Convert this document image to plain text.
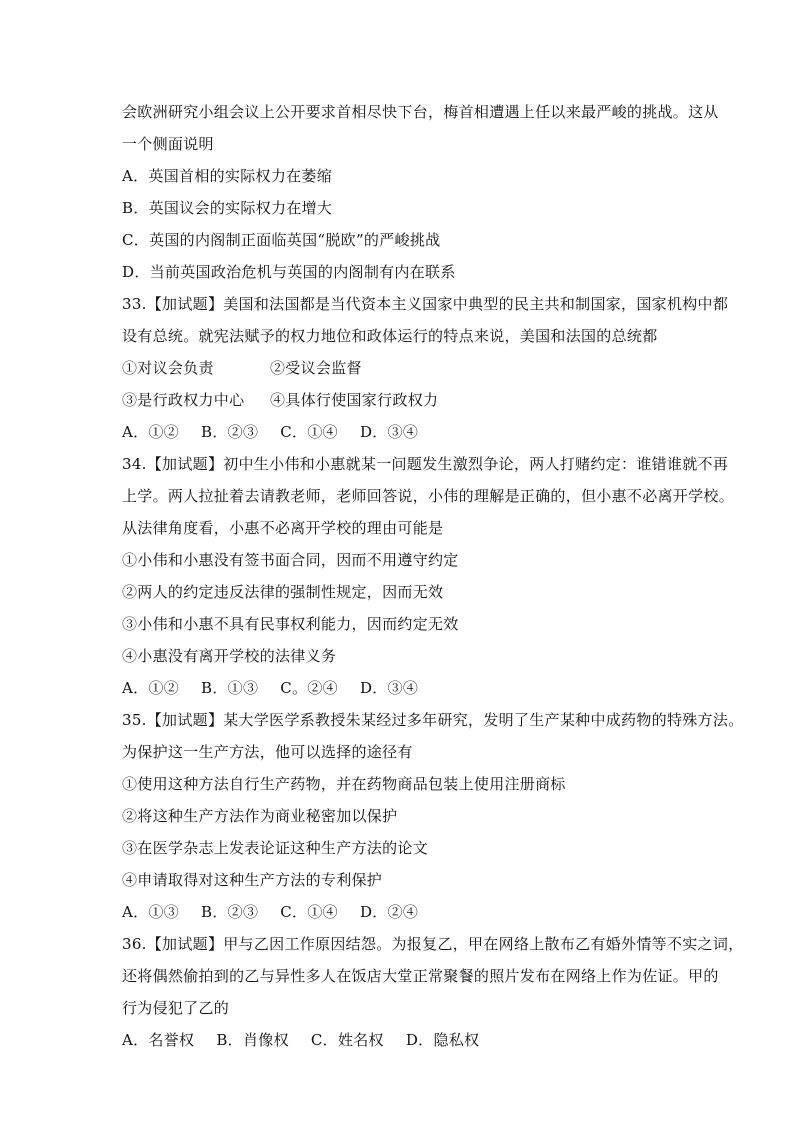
会欧洲研究小组会议上公开要求首相尽快下台，梅首相遭遇上任以来最严峻的挑战。这从
一个侧面说明
A．英国首相的实际权力在萎缩
B．英国议会的实际权力在增大
C．英国的内阁制正面临英国“脱欧”的严峻挑战
D．当前英国政治危机与英国的内阁制有内在联系
33.【加试题】美国和法国都是当代资本主义国家中典型的民主共和制国家，国家机构中都
设有总统。就宪法赋予的权力地位和政体运行的特点来说，美国和法国的总统都
①对议会负责	②受议会监督
③是行政权力中心 ④具体行使国家行政权力
A．①② B．②③ C．①④ D．③④
34.【加试题】初中生小伟和小惠就某一问题发生激烈争论，两人打赌约定：谁错谁就不再
上学。两人拉扯着去请教老师，老师回答说，小伟的理解是正确的，但小惠不必离开学校。
从法律角度看，小惠不必离开学校的理由可能是
①小伟和小惠没有签书面合同，因而不用遵守约定
②两人的约定违反法律的强制性规定，因而无效
③小伟和小惠不具有民事权利能力，因而约定无效
④小惠没有离开学校的法律义务
A．①② B．①③ C。②④ D．③④
35.【加试题】某大学医学系教授朱某经过多年研究，发明了生产某种中成药物的特殊方法。
为保护这一生产方法，他可以选择的途径有
①使用这种方法自行生产药物，并在药物商品包装上使用注册商标
②将这种生产方法作为商业秘密加以保护
③在医学杂志上发表论证这种生产方法的论文
④申请取得对这种生产方法的专利保护
A．①③ B．②③ C．①④ D．②④
36.【加试题】甲与乙因工作原因结怨。为报复乙，甲在网络上散布乙有婚外情等不实之词，
还将偶然偷拍到的乙与异性多人在饭店大堂正常聚餐的照片发布在网络上作为佐证。甲的
行为侵犯了乙的
A．名誉权 B．肖像权 C．姓名权 D．隐私权
